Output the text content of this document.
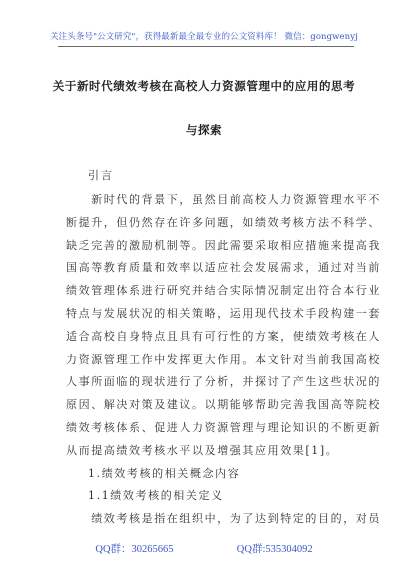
关注头条号"公文研究"，获得最新最全最专业的公文资料库！ 微信：gongwenyj
关于新时代绩效考核在高校人力资源管理中的应用的思考
与探索
引言
　　新时代的背景下，虽然目前高校人力资源管理水平不
断提升，但仍然存在许多问题，如绩效考核方法不科学、
缺乏完善的激励机制等。因此需要采取相应措施来提高我
国高等教育质量和效率以适应社会发展需求，通过对当前
绩效管理体系进行研究并结合实际情况制定出符合本行业
特点与发展状况的相关策略，运用现代技术手段构建一套
适合高校自身特点且具有可行性的方案，使绩效考核在人
力资源管理工作中发挥更大作用。本文针对当前我国高校
人事所面临的现状进行了分析，并探讨了产生这些状况的
原因、解决对策及建议。以期能够帮助完善我国高等院校
绩效考核体系、促进人力资源管理与理论知识的不断更新
从而提高绩效考核水平以及增强其应用效果[1]。
1.绩效考核的相关概念内容
1.1绩效考核的相关定义
　　绩效考核是指在组织中，为了达到特定的目的，对员
QQ群：30265665	QQ群:535304092
